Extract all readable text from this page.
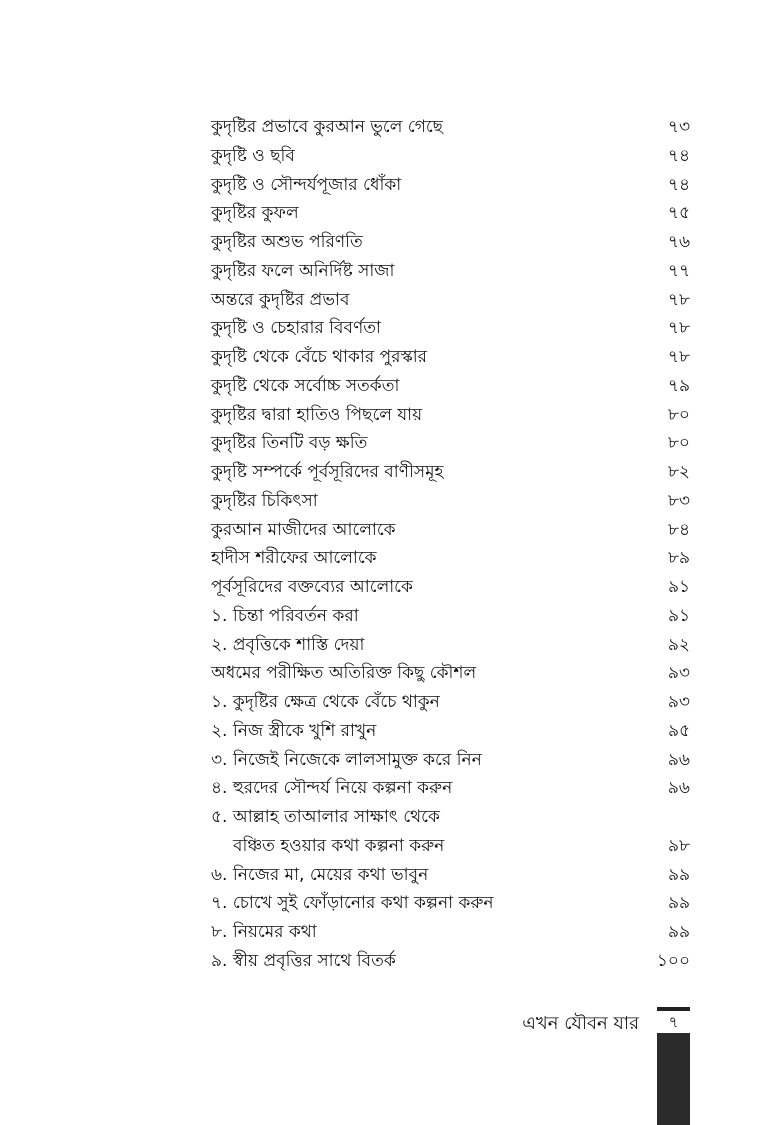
কুদৃষ্টির প্রভাবে কুরআন ভুলে গেছে	৭৩
কুদৃষ্টি ও ছবি	৭৪
কুদৃষ্টি ও সৌন্দর্যপূজার ধোঁকা	৭৪
কুদৃষ্টির কুফল	৭৫
কুদৃষ্টির অশুভ পরিণতি	৭৬
কুদৃষ্টির ফলে অনির্দিষ্ট সাজা	৭৭
অন্তরে কুদৃষ্টির প্রভাব	৭৮
কুদৃষ্টি ও চেহারার বিবর্ণতা	৭৮
কুদৃষ্টি থেকে বেঁচে থাকার পুরস্কার	৭৮
কুদৃষ্টি থেকে সর্বোচ্চ সতর্কতা	৭৯
কুদৃষ্টির দ্বারা হাতিও পিছলে যায়	৮০
কুদৃষ্টির তিনটি বড় ক্ষতি	৮০
কুদৃষ্টি সম্পর্কে পূর্বসূরিদের বাণীসমূহ	৮২
কুদৃষ্টির চিকিৎসা	৮৩
কুরআন মাজীদের আলোকে	৮৪
হাদীস শরীফের আলোকে	৮৯
পূর্বসূরিদের বক্তব্যের আলোকে	৯১
১. চিন্তা পরিবর্তন করা	৯১
২. প্রবৃত্তিকে শাস্তি দেয়া	৯২
অধমের পরীক্ষিত অতিরিক্ত কিছু কৌশল	৯৩
১. কুদৃষ্টির ক্ষেত্র থেকে বেঁচে থাকুন	৯৩
২. নিজ স্ত্রীকে খুশি রাখুন	৯৫
৩. নিজেই নিজেকে লালসামুক্ত করে নিন	৯৬
৪. হুরদের সৌন্দর্য নিয়ে কল্পনা করুন	৯৬
৫. আল্লাহ তাআলার সাক্ষাৎ থেকে
বঞ্চিত হওয়ার কথা কল্পনা করুন	৯৮
৬. নিজের মা, মেয়ের কথা ভাবুন	৯৯
৭. চোখে সুই ফোঁড়ানোর কথা কল্পনা করুন	৯৯
৮. নিয়মের কথা	৯৯
৯. স্বীয় প্রবৃত্তির সাথে বিতর্ক	১০০
এখন যৌবন যার	৭
